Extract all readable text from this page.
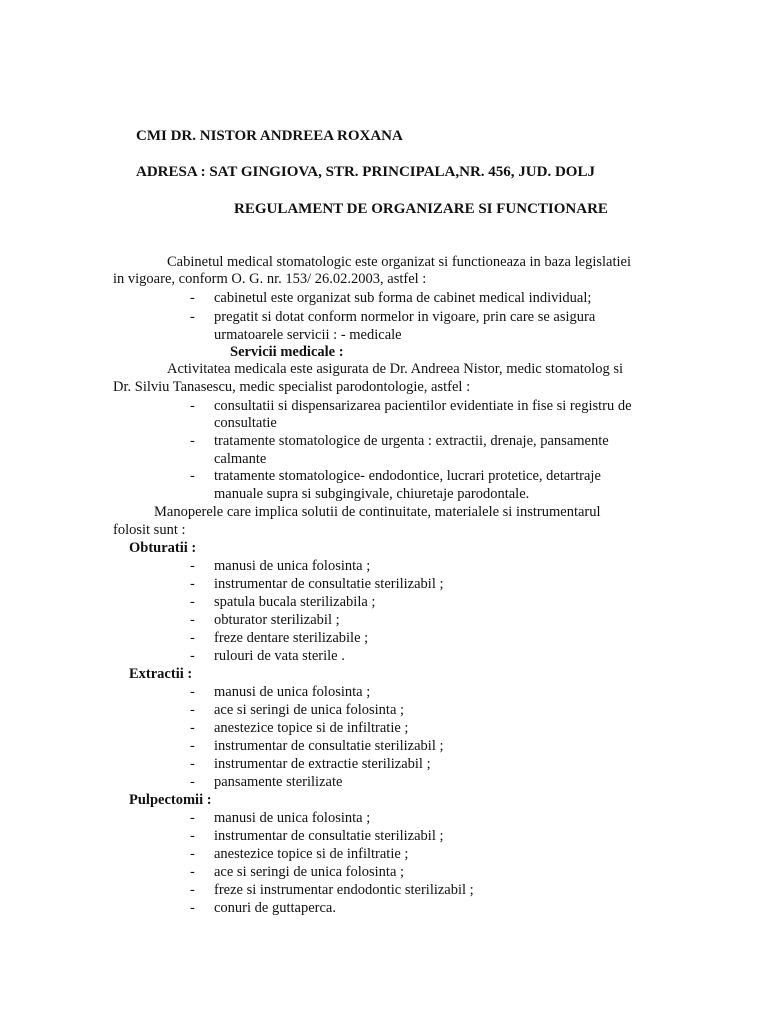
CMI DR. NISTOR ANDREEA ROXANA
ADRESA : SAT GINGIOVA, STR. PRINCIPALA,NR. 456, JUD. DOLJ
REGULAMENT DE ORGANIZARE SI FUNCTIONARE
Cabinetul medical stomatologic este organizat si functioneaza in baza legislatiei
in vigoare, conform O. G. nr. 153/ 26.02.2003, astfel :
- cabinetul este organizat sub forma de cabinet medical individual;
- pregatit si dotat conform normelor in vigoare, prin care se asigura
urmatoarele servicii : - medicale
Servicii medicale :
Activitatea medicala este asigurata de Dr. Andreea Nistor, medic stomatolog si
Dr. Silviu Tanasescu, medic specialist parodontologie, astfel :
- consultatii si dispensarizarea pacientilor evidentiate in fise si registru de
consultatie
- tratamente stomatologice de urgenta : extractii, drenaje, pansamente
calmante
- tratamente stomatologice- endodontice, lucrari protetice, detartraje
manuale supra si subgingivale, chiuretaje parodontale.
Manoperele care implica solutii de continuitate, materialele si instrumentarul
folosit sunt :
Obturatii :
- manusi de unica folosinta ;
- instrumentar de consultatie sterilizabil ;
- spatula bucala sterilizabila ;
- obturator sterilizabil ;
- freze dentare sterilizabile ;
- rulouri de vata sterile .
Extractii :
- manusi de unica folosinta ;
- ace si seringi de unica folosinta ;
- anestezice topice si de infiltratie ;
- instrumentar de consultatie sterilizabil ;
- instrumentar de extractie sterilizabil ;
- pansamente sterilizate
Pulpectomii :
- manusi de unica folosinta ;
- instrumentar de consultatie sterilizabil ;
- anestezice topice si de infiltratie ;
- ace si seringi de unica folosinta ;
- freze si instrumentar endodontic sterilizabil ;
- conuri de guttaperca.
